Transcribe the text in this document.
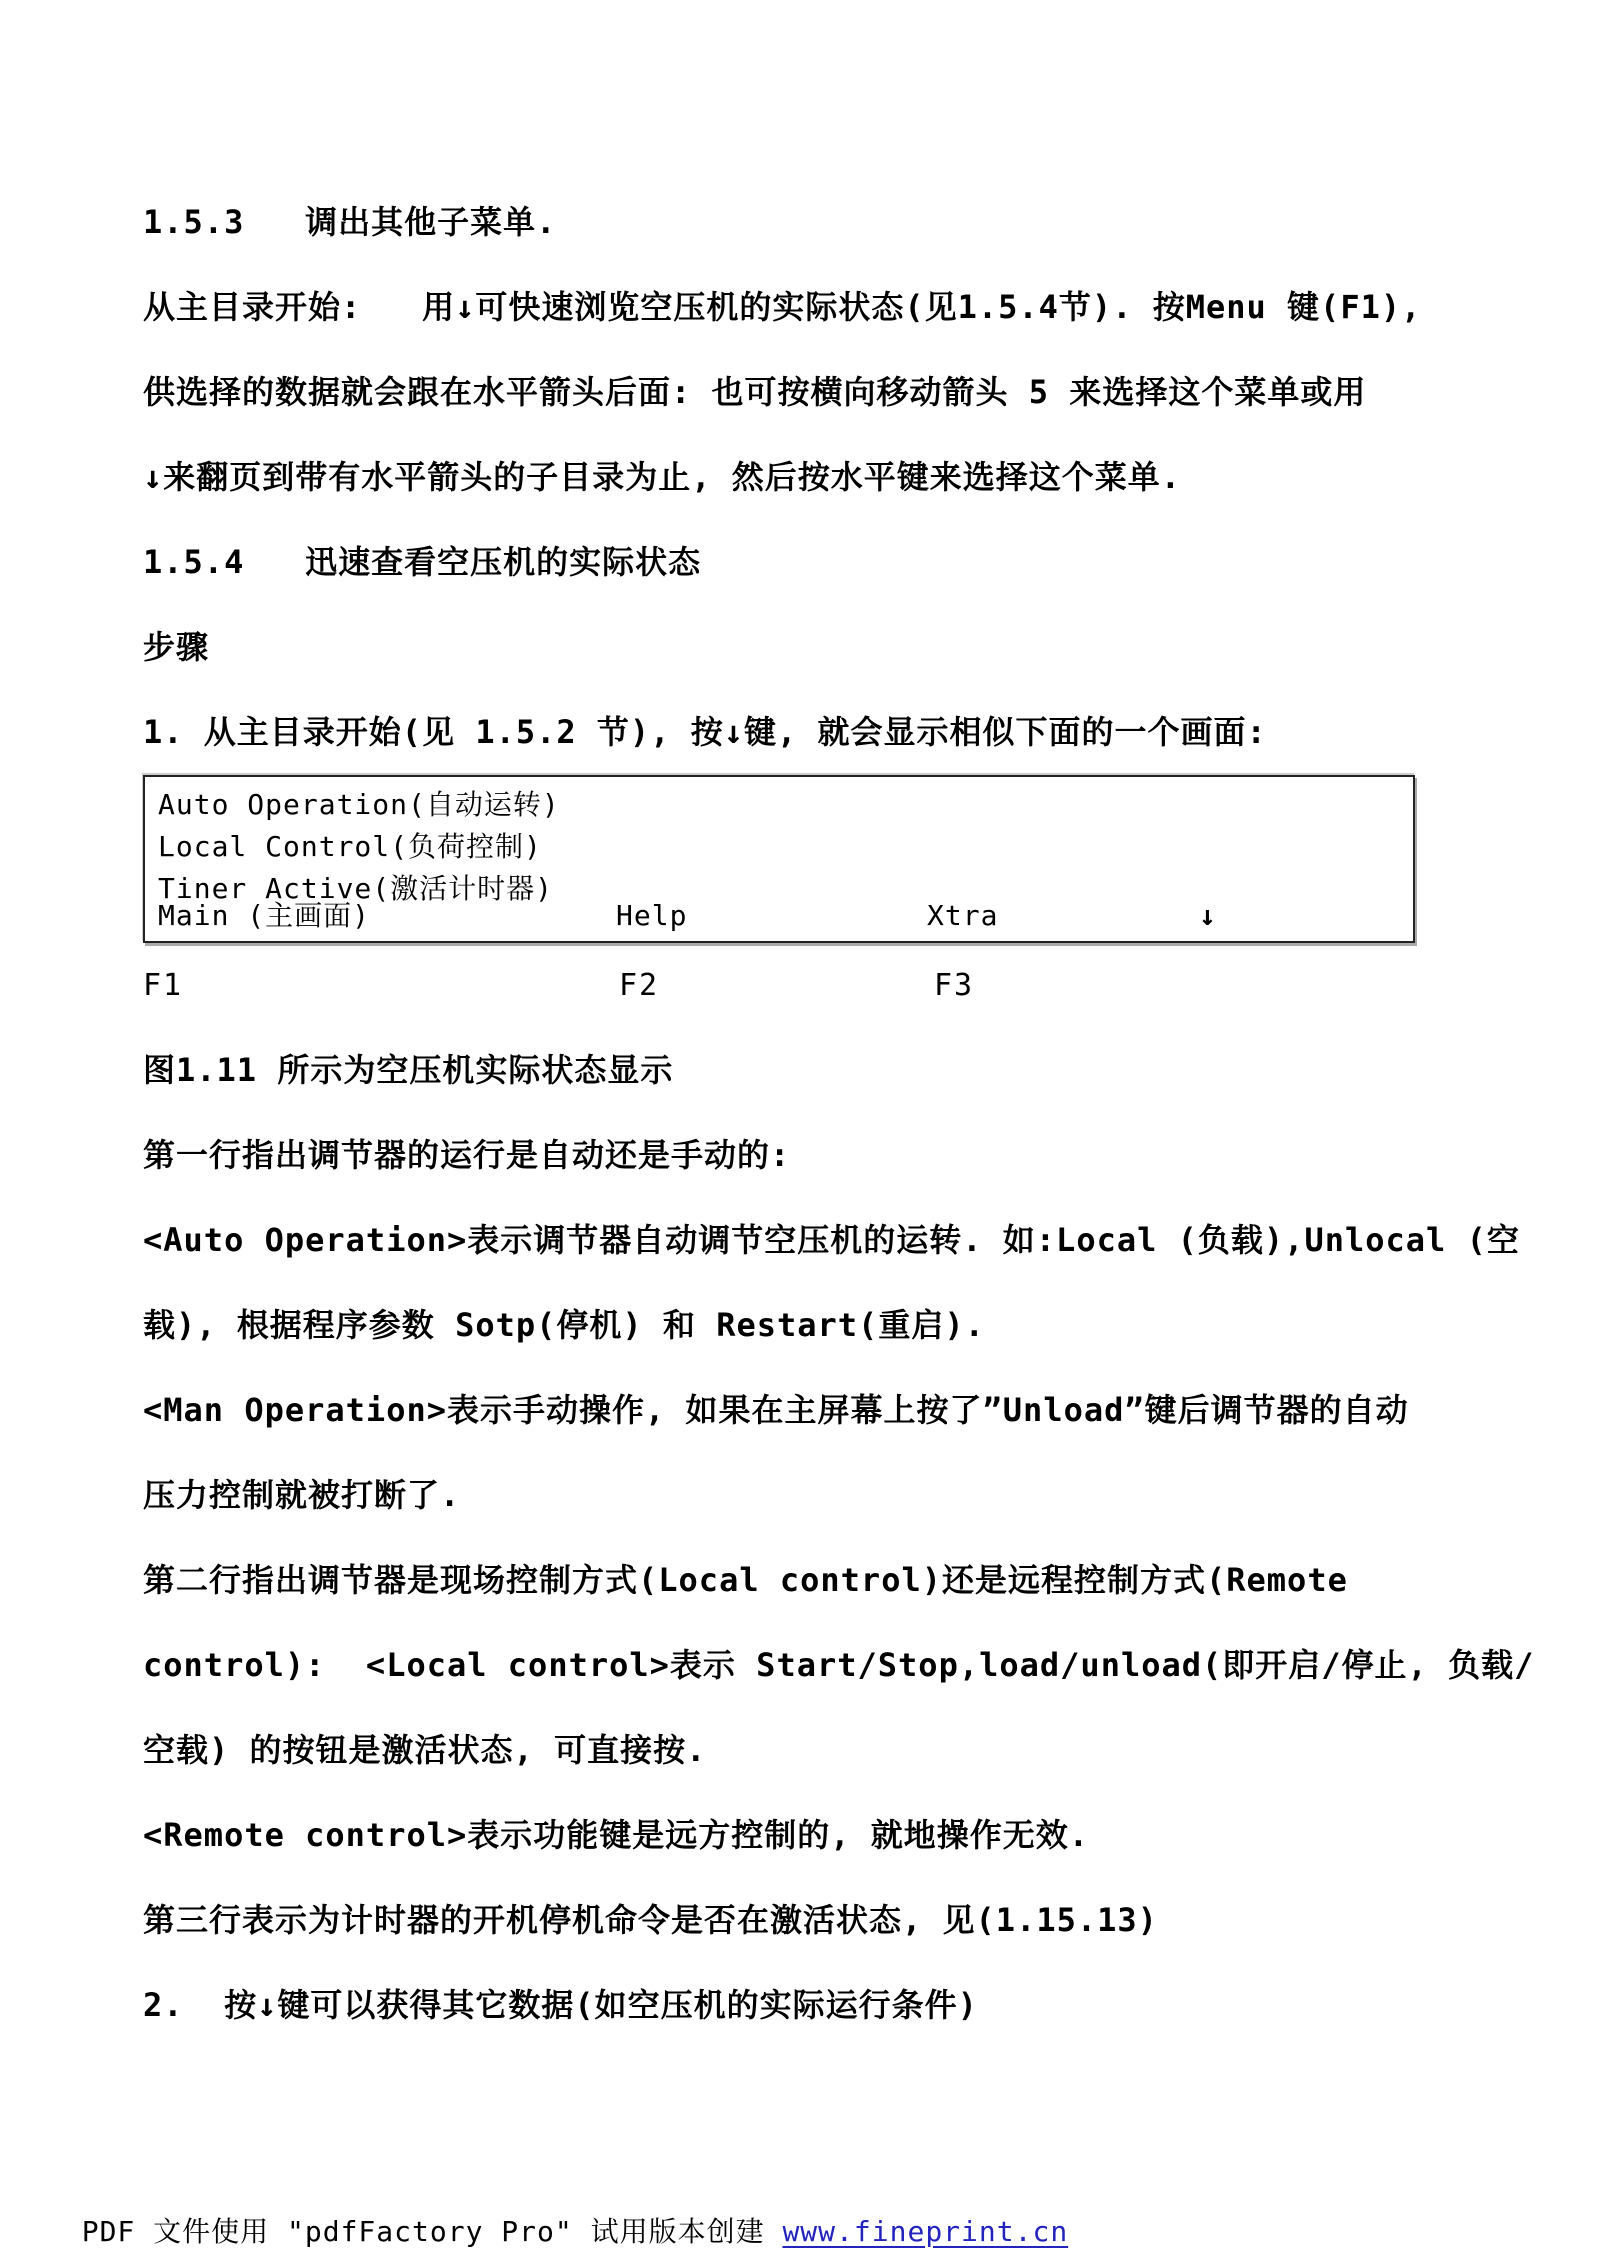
1.5.3   调出其他子菜单.
从主目录开始:   用↓可快速浏览空压机的实际状态(见1.5.4节). 按Menu 键(F1),
供选择的数据就会跟在水平箭头后面: 也可按横向移动箭头 5 来选择这个菜单或用
↓来翻页到带有水平箭头的子目录为止, 然后按水平键来选择这个菜单.
1.5.4   迅速查看空压机的实际状态
步骤
1. 从主目录开始(见 1.5.2 节), 按↓键, 就会显示相似下面的一个画面:
Auto Operation(自动运转)
Local Control(负荷控制)
Tiner Active(激活计时器)
Main (主画面)	Help	Xtra	↓
F1	F2	F3
图1.11 所示为空压机实际状态显示
第一行指出调节器的运行是自动还是手动的:
<Auto Operation>表示调节器自动调节空压机的运转. 如:Local (负载),Unlocal (空
载), 根据程序参数 Sotp(停机) 和 Restart(重启).
<Man Operation>表示手动操作, 如果在主屏幕上按了”Unload”键后调节器的自动
压力控制就被打断了.
第二行指出调节器是现场控制方式(Local control)还是远程控制方式(Remote
control):  <Local control>表示 Start/Stop,load/unload(即开启/停止, 负载/
空载) 的按钮是激活状态, 可直接按.
<Remote control>表示功能键是远方控制的, 就地操作无效.
第三行表示为计时器的开机停机命令是否在激活状态, 见(1.15.13)
2.  按↓键可以获得其它数据(如空压机的实际运行条件)

PDF 文件使用 "pdfFactory Pro" 试用版本创建 www.fineprint.cn
